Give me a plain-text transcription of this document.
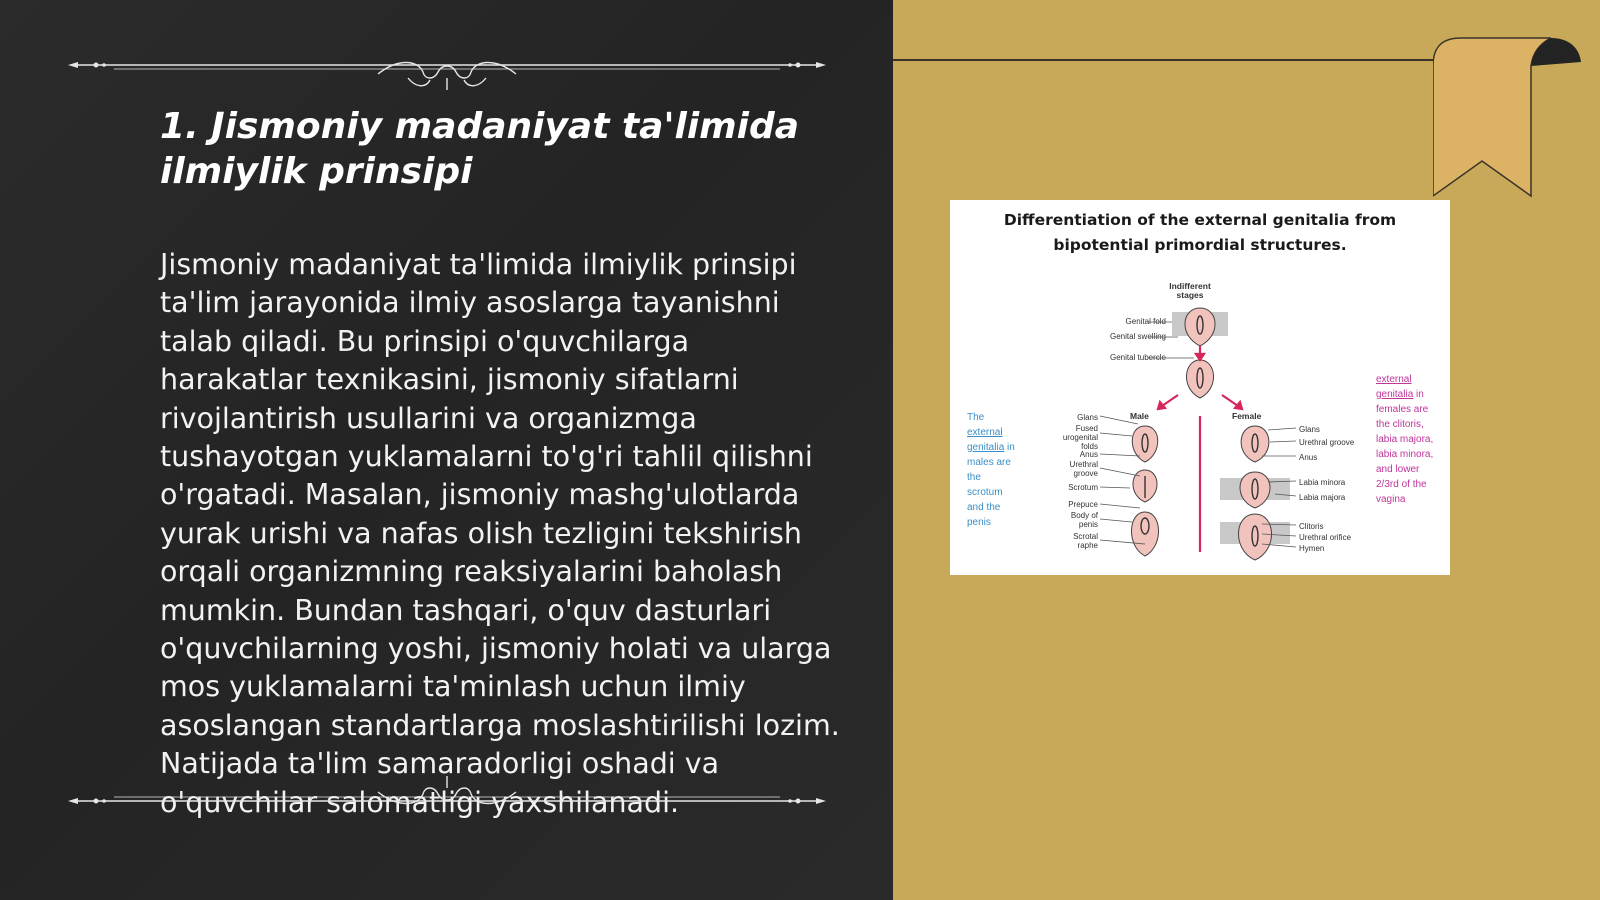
1. Jismoniy madaniyat ta'limida ilmiylik prinsipi

Jismoniy madaniyat ta'limida ilmiylik prinsipi ta'lim jarayonida ilmiy asoslarga tayanishni talab qiladi. Bu prinsipi o'quvchilarga harakatlar texnikasini, jismoniy sifatlarni rivojlantirish usullarini va organizmga tushayotgan yuklamalarni to'g'ri tahlil qilishni o'rgatadi. Masalan, jismoniy mashg'ulotlarda yurak urishi va nafas olish tezligini tekshirish orqali organizmning reaksiyalarini baholash mumkin. Bundan tashqari, o'quv dasturlari o'quvchilarning yoshi, jismoniy holati va ularga mos yuklamalarni ta'minlash uchun ilmiy asoslangan standartlarga moslashtirilishi lozim. Natijada ta'lim samaradorligi oshadi va o'quvchilar salomatligi yaxshilanadi.

Differentiation of the external genitalia from
bipotential primordial structures.
Indifferent stages
Genital fold
Genital swelling
Genital tubercle
Male	Female
Glans
Fused urogenital folds
Anus
Urethral groove
Scrotum
Prepuce
Body of penis
Scrotal raphe
Glans
Urethral groove
Anus
Labia minora
Labia majora
Clitoris
Urethral orifice
Hymen
The external genitalia in males are the scrotum and the penis
external genitalia in females are the clitoris, labia majora, labia minora, and lower 2/3rd of the vagina
